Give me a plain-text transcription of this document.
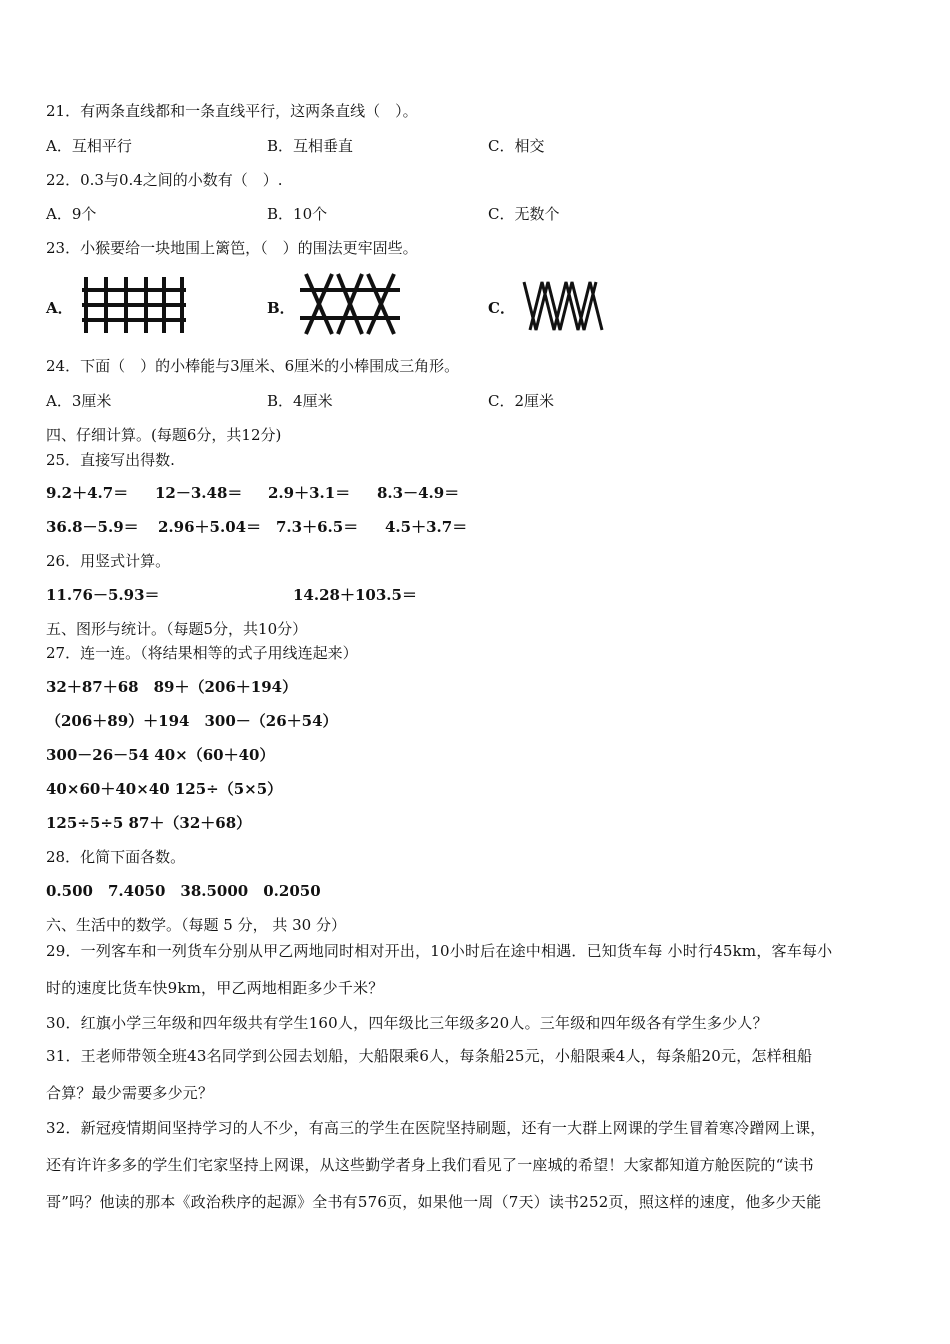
21．有两条直线都和一条直线平行，这两条直线（　）。
A．互相平行	B．互相垂直	C．相交
22．0.3与0.4之间的小数有（　）.
A．9个	B．10个	C．无数个
23．小猴要给一块地围上篱笆，（　）的围法更牢固些。
A．	B．	C．
24．下面（　）的小棒能与3厘米、6厘米的小棒围成三角形。
A．3厘米	B．4厘米	C．2厘米
四、仔细计算。(每题6分，共12分)
25．直接写出得数.
9.2＋4.7＝ 12－3.48＝ 2.9＋3.1＝ 8.3－4.9＝
36.8－5.9＝ 2.96＋5.04＝ 7.3＋6.5＝ 4.5＋3.7＝
26．用竖式计算。
11.76－5.93＝	14.28＋103.5＝
五、图形与统计。（每题5分，共10分）
27．连一连。（将结果相等的式子用线连起来）
32＋87＋68　89＋（206＋194）
（206＋89）＋194　300－（26＋54）
300－26－54 40×（60＋40）
40×60＋40×40 125÷（5×5）
125÷5÷5 87＋（32＋68）
28．化简下面各数。
0.500　7.4050　38.5000　0.2050
六、生活中的数学。（每题 5 分， 共 30 分）
29．一列客车和一列货车分别从甲乙两地同时相对开出，10小时后在途中相遇．已知货车每 小时行45km，客车每小
时的速度比货车快9km，甲乙两地相距多少千米？
30．红旗小学三年级和四年级共有学生160人，四年级比三年级多20人。三年级和四年级各有学生多少人？
31．王老师带领全班43名同学到公园去划船，大船限乘6人，每条船25元，小船限乘4人，每条船20元，怎样租船
合算？最少需要多少元？
32．新冠疫情期间坚持学习的人不少，有高三的学生在医院坚持刷题，还有一大群上网课的学生冒着寒冷蹭网上课，
还有许许多多的学生们宅家坚持上网课，从这些勤学者身上我们看见了一座城的希望！大家都知道方舱医院的“读书
哥”吗？他读的那本《政治秩序的起源》全书有576页，如果他一周（7天）读书252页，照这样的速度，他多少天能
